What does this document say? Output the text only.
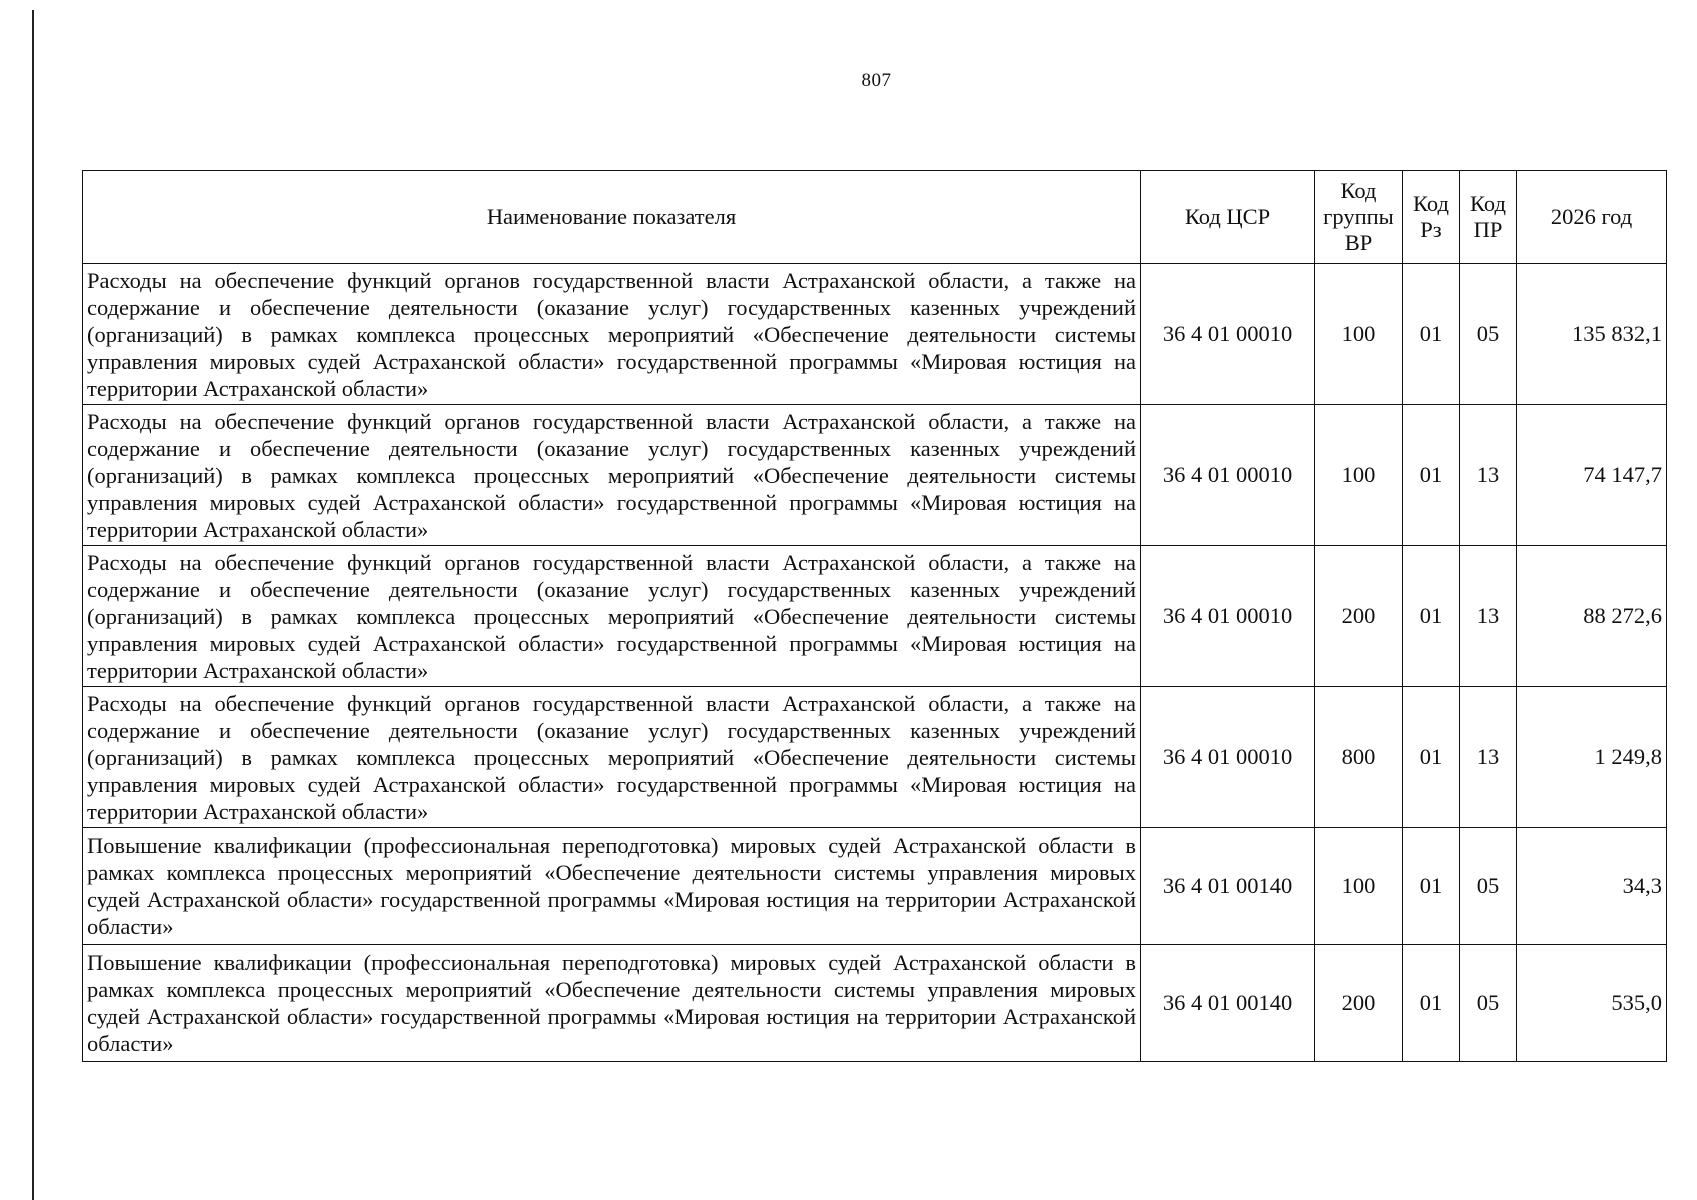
807
Наименование показателя	Код ЦСР	Код группы ВР	Код Рз	Код ПР	2026 год
Расходы на обеспечение функций органов государственной власти Астраханской области, а также на содержание и обеспечение деятельности (оказание услуг) государственных казенных учреждений (организаций) в рамках комплекса процессных мероприятий «Обеспечение деятельности системы управления мировых судей Астраханской области» государственной программы «Мировая юстиция на территории Астраханской области»	36 4 01 00010	100	01	05	135 832,1
Расходы на обеспечение функций органов государственной власти Астраханской области, а также на содержание и обеспечение деятельности (оказание услуг) государственных казенных учреждений (организаций) в рамках комплекса процессных мероприятий «Обеспечение деятельности системы управления мировых судей Астраханской области» государственной программы «Мировая юстиция на территории Астраханской области»	36 4 01 00010	100	01	13	74 147,7
Расходы на обеспечение функций органов государственной власти Астраханской области, а также на содержание и обеспечение деятельности (оказание услуг) государственных казенных учреждений (организаций) в рамках комплекса процессных мероприятий «Обеспечение деятельности системы управления мировых судей Астраханской области» государственной программы «Мировая юстиция на территории Астраханской области»	36 4 01 00010	200	01	13	88 272,6
Расходы на обеспечение функций органов государственной власти Астраханской области, а также на содержание и обеспечение деятельности (оказание услуг) государственных казенных учреждений (организаций) в рамках комплекса процессных мероприятий «Обеспечение деятельности системы управления мировых судей Астраханской области» государственной программы «Мировая юстиция на территории Астраханской области»	36 4 01 00010	800	01	13	1 249,8
Повышение квалификации (профессиональная переподготовка) мировых судей Астраханской области в рамках комплекса процессных мероприятий «Обеспечение деятельности системы управления мировых судей Астраханской области» государственной программы «Мировая юстиция на территории Астраханской области»	36 4 01 00140	100	01	05	34,3
Повышение квалификации (профессиональная переподготовка) мировых судей Астраханской области в рамках комплекса процессных мероприятий «Обеспечение деятельности системы управления мировых судей Астраханской области» государственной программы «Мировая юстиция на территории Астраханской области»	36 4 01 00140	200	01	05	535,0
